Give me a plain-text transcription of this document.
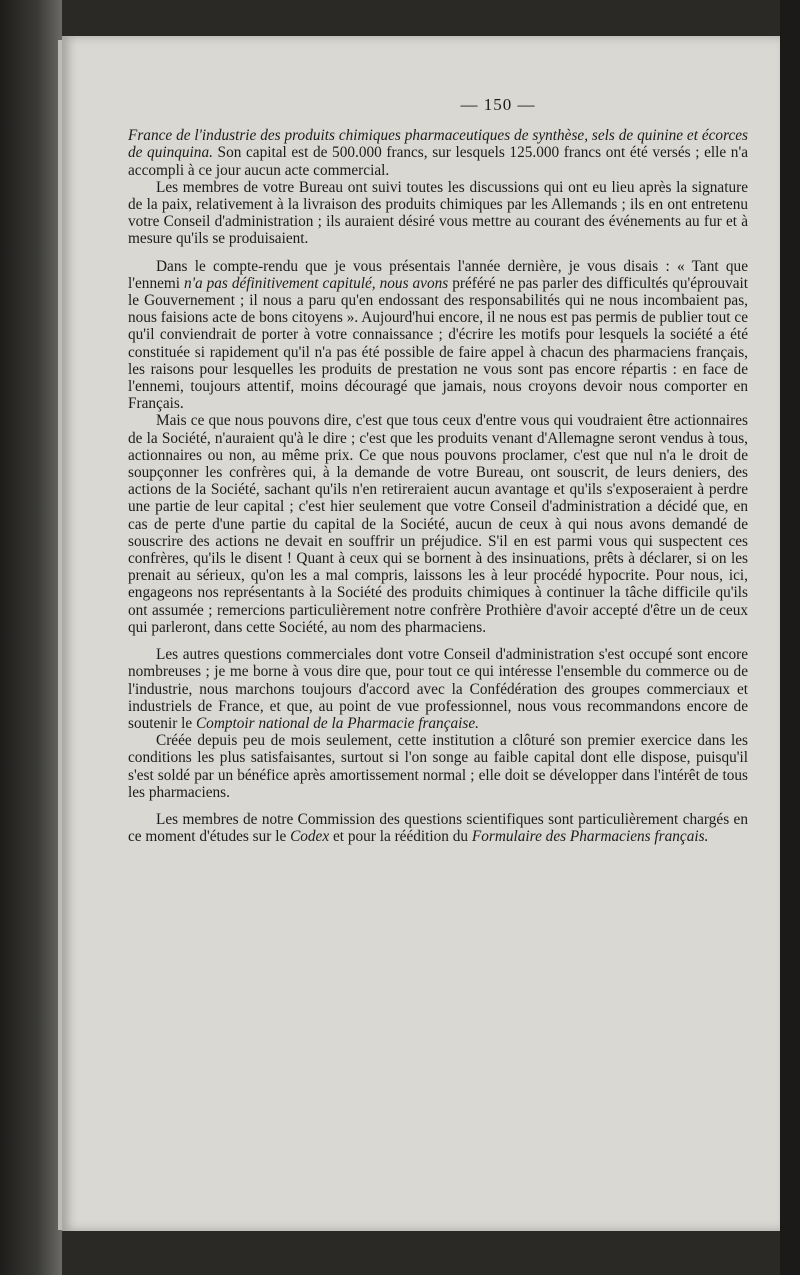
— 150 —

France de l'industrie des produits chimiques pharmaceutiques de synthèse, sels de quinine et écorces de quinquina. Son capital est de 500.000 francs, sur lesquels 125.000 francs ont été versés ; elle n'a accompli à ce jour aucun acte commercial.

Les membres de votre Bureau ont suivi toutes les discussions qui ont eu lieu après la signature de la paix, relativement à la livraison des produits chimiques par les Allemands ; ils en ont entretenu votre Conseil d'administration ; ils auraient désiré vous mettre au courant des événements au fur et à mesure qu'ils se produisaient.

Dans le compte-rendu que je vous présentais l'année dernière, je vous disais : « Tant que l'ennemi n'a pas définitivement capitulé, nous avons préféré ne pas parler des difficultés qu'éprouvait le Gouvernement ; il nous a paru qu'en endossant des responsabilités qui ne nous incombaient pas, nous faisions acte de bons citoyens ». Aujourd'hui encore, il ne nous est pas permis de publier tout ce qu'il conviendrait de porter à votre connaissance ; d'écrire les motifs pour lesquels la société a été constituée si rapidement qu'il n'a pas été possible de faire appel à chacun des pharmaciens français, les raisons pour lesquelles les produits de prestation ne vous sont pas encore répartis : en face de l'ennemi, toujours attentif, moins découragé que jamais, nous croyons devoir nous comporter en Français.

Mais ce que nous pouvons dire, c'est que tous ceux d'entre vous qui voudraient être actionnaires de la Société, n'auraient qu'à le dire ; c'est que les produits venant d'Allemagne seront vendus à tous, actionnaires ou non, au même prix. Ce que nous pouvons proclamer, c'est que nul n'a le droit de soupçonner les confrères qui, à la demande de votre Bureau, ont souscrit, de leurs deniers, des actions de la Société, sachant qu'ils n'en retireraient aucun avantage et qu'ils s'exposeraient à perdre une partie de leur capital ; c'est hier seulement que votre Conseil d'administration a décidé que, en cas de perte d'une partie du capital de la Société, aucun de ceux à qui nous avons demandé de souscrire des actions ne devait en souffrir un préjudice. S'il en est parmi vous qui suspectent ces confrères, qu'ils le disent ! Quant à ceux qui se bornent à des insinuations, prêts à déclarer, si on les prenait au sérieux, qu'on les a mal compris, laissons les à leur procédé hypocrite. Pour nous, ici, engageons nos représentants à la Société des produits chimiques à continuer la tâche difficile qu'ils ont assumée ; remercions particulièrement notre confrère Prothière d'avoir accepté d'être un de ceux qui parleront, dans cette Société, au nom des pharmaciens.

Les autres questions commerciales dont votre Conseil d'administration s'est occupé sont encore nombreuses ; je me borne à vous dire que, pour tout ce qui intéresse l'ensemble du commerce ou de l'industrie, nous marchons toujours d'accord avec la Confédération des groupes commerciaux et industriels de France, et que, au point de vue professionnel, nous vous recommandons encore de soutenir le Comptoir national de la Pharmacie française.

Créée depuis peu de mois seulement, cette institution a clôturé son premier exercice dans les conditions les plus satisfaisantes, surtout si l'on songe au faible capital dont elle dispose, puisqu'il s'est soldé par un bénéfice après amortissement normal ; elle doit se développer dans l'intérêt de tous les pharmaciens.

Les membres de notre Commission des questions scientifiques sont particulièrement chargés en ce moment d'études sur le Codex et pour la réédition du Formulaire des Pharmaciens français.
